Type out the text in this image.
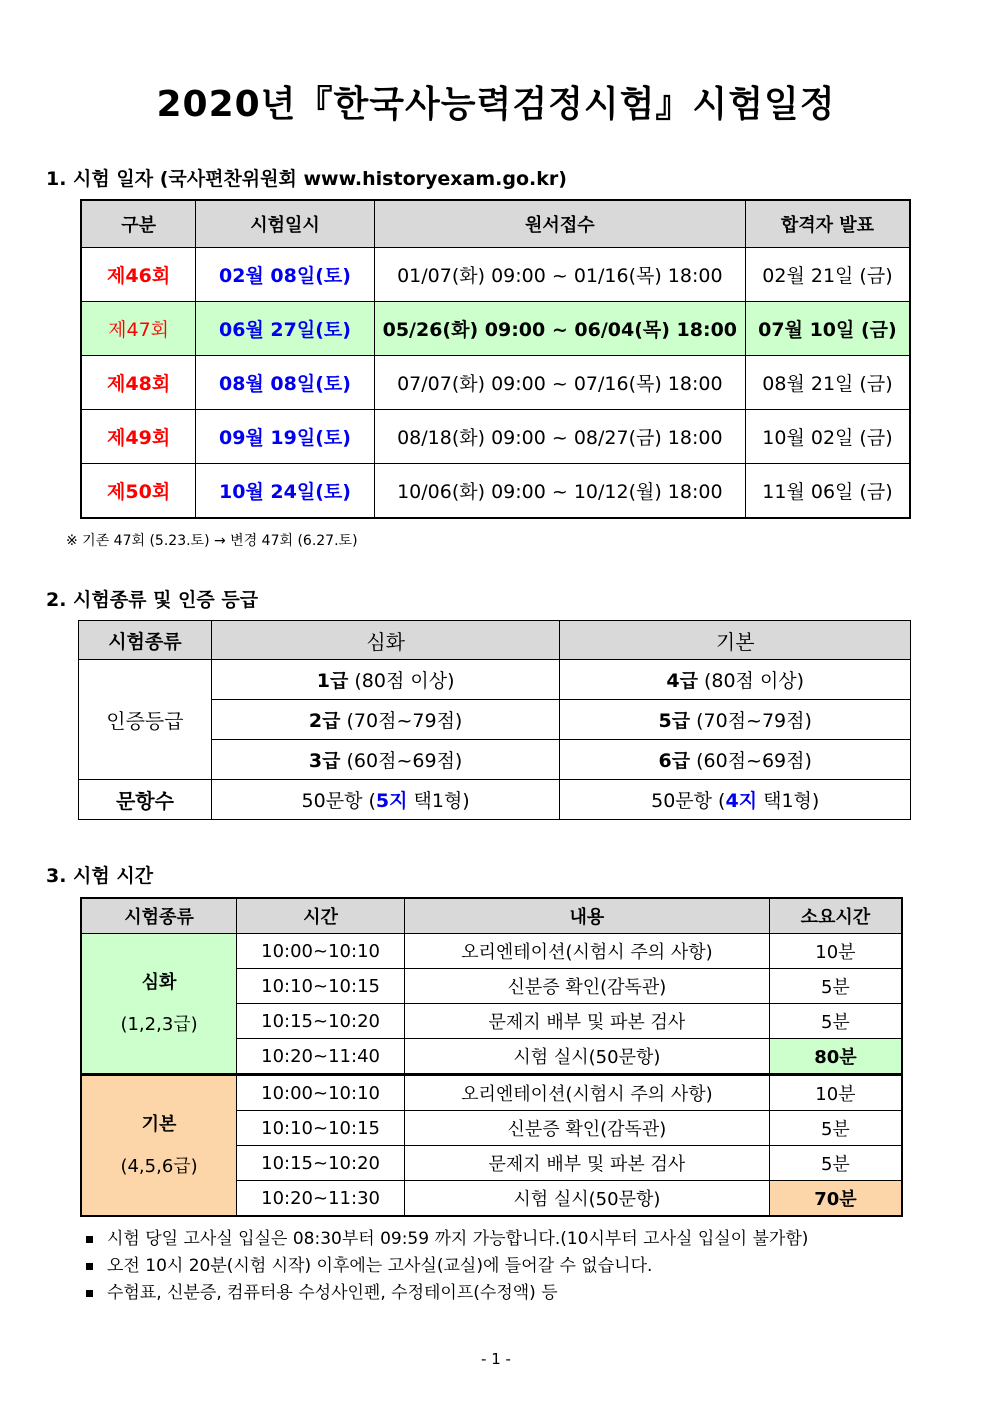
2020년『한국사능력검정시험』시험일정
1. 시험 일자 (국사편찬위원회 www.historyexam.go.kr)
구분	시험일시	원서접수	합격자 발표
제46회	02월 08일(토)	01/07(화) 09:00 ~ 01/16(목) 18:00	02월 21일 (금)
제47회	06월 27일(토)	05/26(화) 09:00 ~ 06/04(목) 18:00	07월 10일 (금)
제48회	08월 08일(토)	07/07(화) 09:00 ~ 07/16(목) 18:00	08월 21일 (금)
제49회	09월 19일(토)	08/18(화) 09:00 ~ 08/27(금) 18:00	10월 02일 (금)
제50회	10월 24일(토)	10/06(화) 09:00 ~ 10/12(월) 18:00	11월 06일 (금)
※ 기존 47회 (5.23.토) → 변경 47회 (6.27.토)
2. 시험종류 및 인증 등급
시험종류	심화	기본
인증등급	1급 (80점 이상)	4급 (80점 이상)
	2급 (70점~79점)	5급 (70점~79점)
	3급 (60점~69점)	6급 (60점~69점)
문항수	50문항 (5지 택1형)	50문항 (4지 택1형)
3. 시험 시간
시험종류	시간	내용	소요시간
심화
(1,2,3급)	10:00~10:10	오리엔테이션(시험시 주의 사항)	10분
	10:10~10:15	신분증 확인(감독관)	5분
	10:15~10:20	문제지 배부 및 파본 검사	5분
	10:20~11:40	시험 실시(50문항)	80분
기본
(4,5,6급)	10:00~10:10	오리엔테이션(시험시 주의 사항)	10분
	10:10~10:15	신분증 확인(감독관)	5분
	10:15~10:20	문제지 배부 및 파본 검사	5분
	10:20~11:30	시험 실시(50문항)	70분
시험 당일 고사실 입실은 08:30부터 09:59 까지 가능합니다.(10시부터 고사실 입실이 불가함)
오전 10시 20분(시험 시작) 이후에는 고사실(교실)에 들어갈 수 없습니다.
수험표, 신분증, 컴퓨터용 수성사인펜, 수정테이프(수정액) 등
- 1 -
